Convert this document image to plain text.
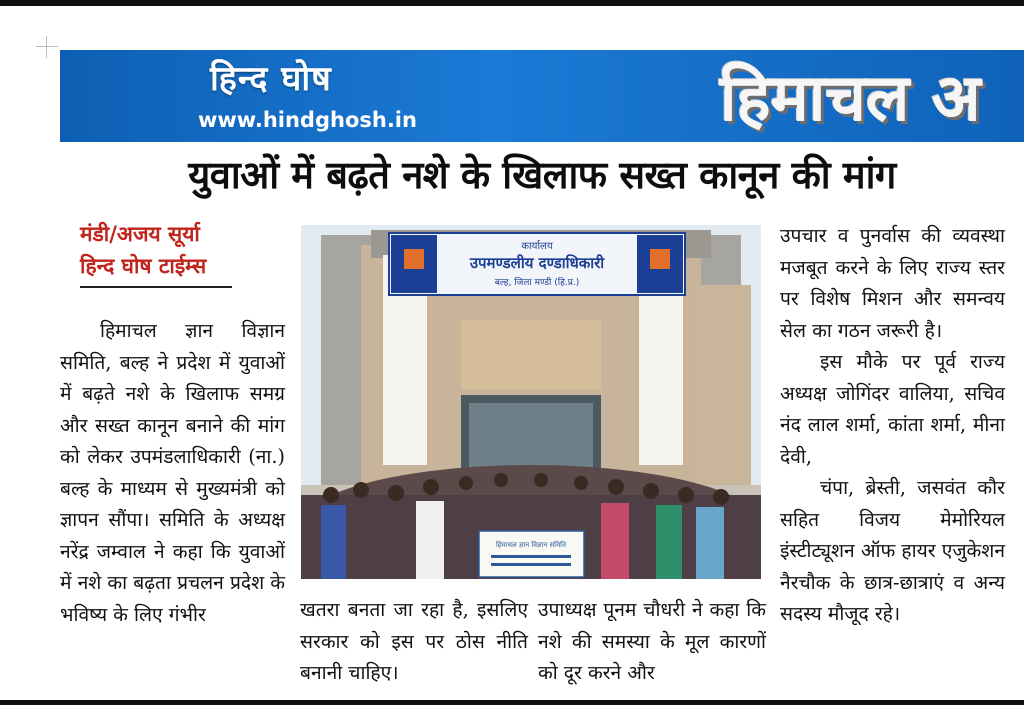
हिन्द घोष
www.hindghosh.in	हिमाचल अ
युवाओं में बढ़ते नशे के खिलाफ सख्त कानून की मांग
मंडी/अजय सूर्या
हिन्द घोष टाईम्स

हिमाचल ज्ञान विज्ञान समिति, बल्ह ने प्रदेश में युवाओं में बढ़ते नशे के खिलाफ समग्र और सख्त कानून बनाने की मांग को लेकर उपमंडलाधिकारी (ना.) बल्ह के माध्यम से मुख्यमंत्री को ज्ञापन सौंपा। समिति के अध्यक्ष नरेंद्र जम्वाल ने कहा कि युवाओं में नशे का बढ़ता प्रचलन प्रदेश के भविष्य के लिए गंभीर

कार्यालय
उपमण्डलीय दण्डाधिकारी
बल्ह, जिला मण्डी (हि.प्र.)
हिमाचल ज्ञान विज्ञान समिति

खतरा बनता जा रहा है, इसलिए सरकार को इस पर ठोस नीति बनानी चाहिए।

उपाध्यक्ष पूनम चौधरी ने कहा कि नशे की समस्या के मूल कारणों को दूर करने और

उपचार व पुनर्वास की व्यवस्था मजबूत करने के लिए राज्य स्तर पर विशेष मिशन और समन्वय सेल का गठन जरूरी है।

इस मौके पर पूर्व राज्य अध्यक्ष जोगिंदर वालिया, सचिव नंद लाल शर्मा, कांता शर्मा, मीना देवी,

चंपा, ब्रेस्ती, जसवंत कौर सहित विजय मेमोरियल इंस्टीट्यूशन ऑफ हायर एजुकेशन नैरचौक के छात्र-छात्राएं व अन्य सदस्य मौजूद रहे।
